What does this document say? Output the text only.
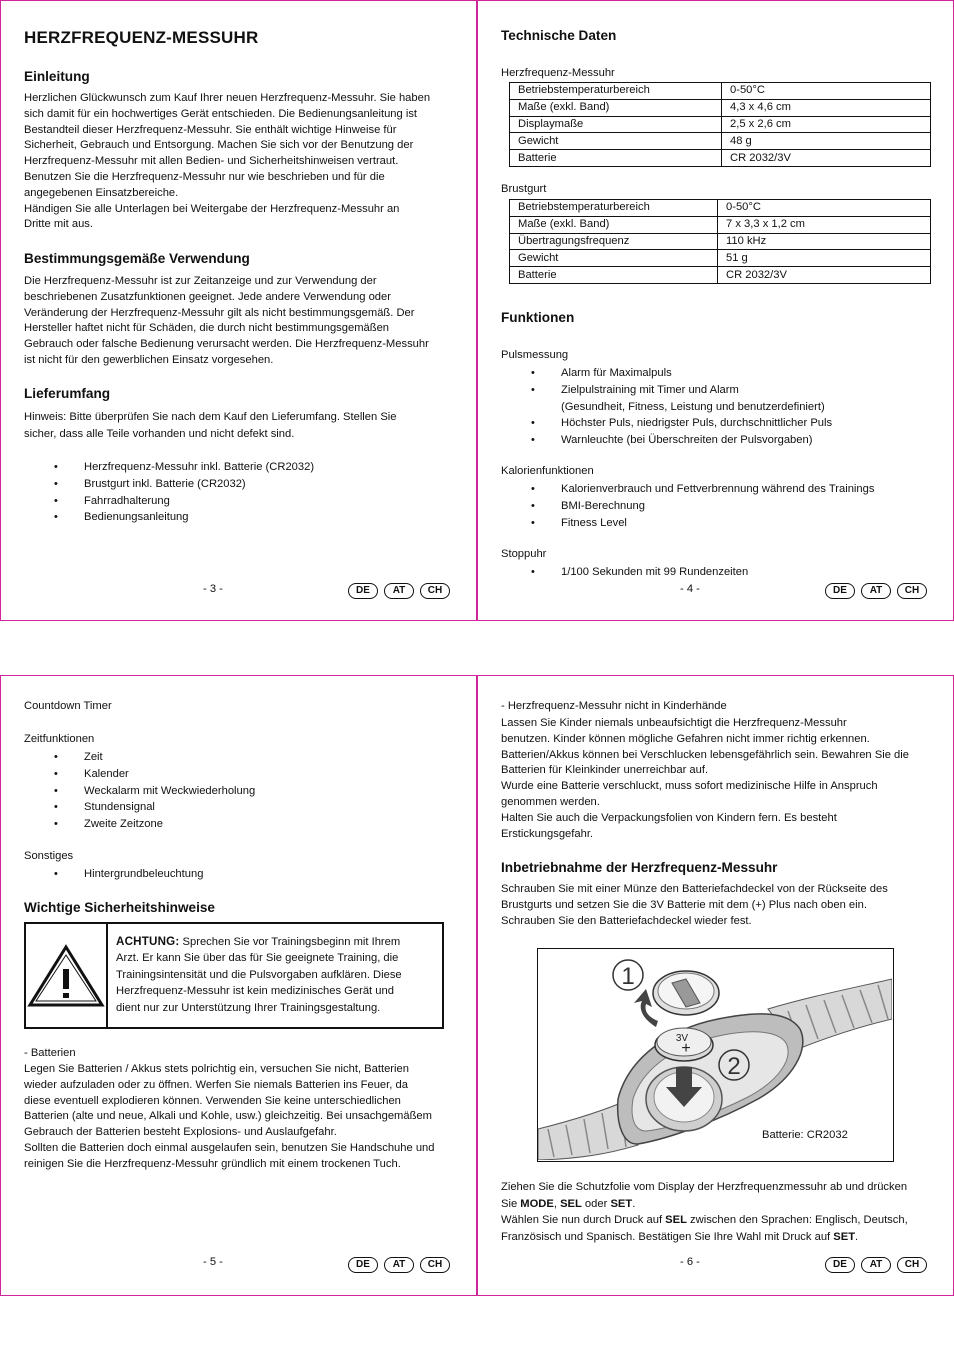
HERZFREQUENZ-MESSUHR
Einleitung
Herzlichen Glückwunsch zum Kauf Ihrer neuen Herzfrequenz-Messuhr. Sie haben
sich damit für ein hochwertiges Gerät entschieden. Die Bedienungsanleitung ist
Bestandteil dieser Herzfrequenz-Messuhr. Sie enthält wichtige Hinweise für
Sicherheit, Gebrauch und Entsorgung. Machen Sie sich vor der Benutzung der
Herzfrequenz-Messuhr mit allen Bedien- und Sicherheitshinweisen vertraut.
Benutzen Sie die Herzfrequenz-Messuhr nur wie beschrieben und für die
angegebenen Einsatzbereiche.
Händigen Sie alle Unterlagen bei Weitergabe der Herzfrequenz-Messuhr an
Dritte mit aus.
Bestimmungsgemäße Verwendung
Die Herzfrequenz-Messuhr ist zur Zeitanzeige und zur Verwendung der
beschriebenen Zusatzfunktionen geeignet. Jede andere Verwendung oder
Veränderung der Herzfrequenz-Messuhr gilt als nicht bestimmungsgemäß. Der
Hersteller haftet nicht für Schäden, die durch nicht bestimmungsgemäßen
Gebrauch oder falsche Bedienung verursacht werden. Die Herzfrequenz-Messuhr
ist nicht für den gewerblichen Einsatz vorgesehen.
Lieferumfang
Hinweis: Bitte überprüfen Sie nach dem Kauf den Lieferumfang. Stellen Sie
sicher, dass alle Teile vorhanden und nicht defekt sind.
• Herzfrequenz-Messuhr inkl. Batterie (CR2032)
• Brustgurt inkl. Batterie (CR2032)
• Fahrradhalterung
• Bedienungsanleitung
- 3 -	DE	AT	CH
Technische Daten
Herzfrequenz-Messuhr
Betriebstemperaturbereich	0-50°C
Maße (exkl. Band)	4,3 x 4,6 cm
Displaymaße	2,5 x 2,6 cm
Gewicht	48 g
Batterie	CR 2032/3V
Brustgurt
Betriebstemperaturbereich	0-50°C
Maße (exkl. Band)	7 x 3,3 x 1,2 cm
Übertragungsfrequenz	110 kHz
Gewicht	51 g
Batterie	CR 2032/3V
Funktionen
Pulsmessung
• Alarm für Maximalpuls
• Zielpulstraining mit Timer und Alarm
(Gesundheit, Fitness, Leistung und benutzerdefiniert)
• Höchster Puls, niedrigster Puls, durchschnittlicher Puls
• Warnleuchte (bei Überschreiten der Pulsvorgaben)
Kalorienfunktionen
• Kalorienverbrauch und Fettverbrennung während des Trainings
• BMI-Berechnung
• Fitness Level
Stoppuhr
• 1/100 Sekunden mit 99 Rundenzeiten
- 4 -	DE	AT	CH
Countdown Timer
Zeitfunktionen
• Zeit
• Kalender
• Weckalarm mit Weckwiederholung
• Stundensignal
• Zweite Zeitzone
Sonstiges
• Hintergrundbeleuchtung
Wichtige Sicherheitshinweise
ACHTUNG: Sprechen Sie vor Trainingsbeginn mit Ihrem
Arzt. Er kann Sie über das für Sie geeignete Training, die
Trainingsintensität und die Pulsvorgaben aufklären. Diese
Herzfrequenz-Messuhr ist kein medizinisches Gerät und
dient nur zur Unterstützung Ihrer Trainingsgestaltung.
- Batterien
Legen Sie Batterien / Akkus stets polrichtig ein, versuchen Sie nicht, Batterien
wieder aufzuladen oder zu öffnen. Werfen Sie niemals Batterien ins Feuer, da
diese eventuell explodieren können. Verwenden Sie keine unterschiedlichen
Batterien (alte und neue, Alkali und Kohle, usw.) gleichzeitig. Bei unsachgemäßem
Gebrauch der Batterien besteht Explosions- und Auslaufgefahr.
Sollten die Batterien doch einmal ausgelaufen sein, benutzen Sie Handschuhe und
reinigen Sie die Herzfrequenz-Messuhr gründlich mit einem trockenen Tuch.
- 5 -	DE	AT	CH
- Herzfrequenz-Messuhr nicht in Kinderhände
Lassen Sie Kinder niemals unbeaufsichtigt die Herzfrequenz-Messuhr
benutzen. Kinder können mögliche Gefahren nicht immer richtig erkennen.
Batterien/Akkus können bei Verschlucken lebensgefährlich sein. Bewahren Sie die
Batterien für Kleinkinder unerreichbar auf.
Wurde eine Batterie verschluckt, muss sofort medizinische Hilfe in Anspruch
genommen werden.
Halten Sie auch die Verpackungsfolien von Kindern fern. Es besteht
Erstickungsgefahr.
Inbetriebnahme der Herzfrequenz-Messuhr
Schrauben Sie mit einer Münze den Batteriefachdeckel von der Rückseite des
Brustgurts und setzen Sie die 3V Batterie mit dem (+) Plus nach oben ein.
Schrauben Sie den Batteriefachdeckel wieder fest.
3V
+
1
2
Batterie: CR2032
Ziehen Sie die Schutzfolie vom Display der Herzfrequenzmessuhr ab und drücken
Sie MODE, SEL oder SET.
Wählen Sie nun durch Druck auf SEL zwischen den Sprachen: Englisch, Deutsch,
Französisch und Spanisch. Bestätigen Sie Ihre Wahl mit Druck auf SET.
- 6 -	DE	AT	CH
